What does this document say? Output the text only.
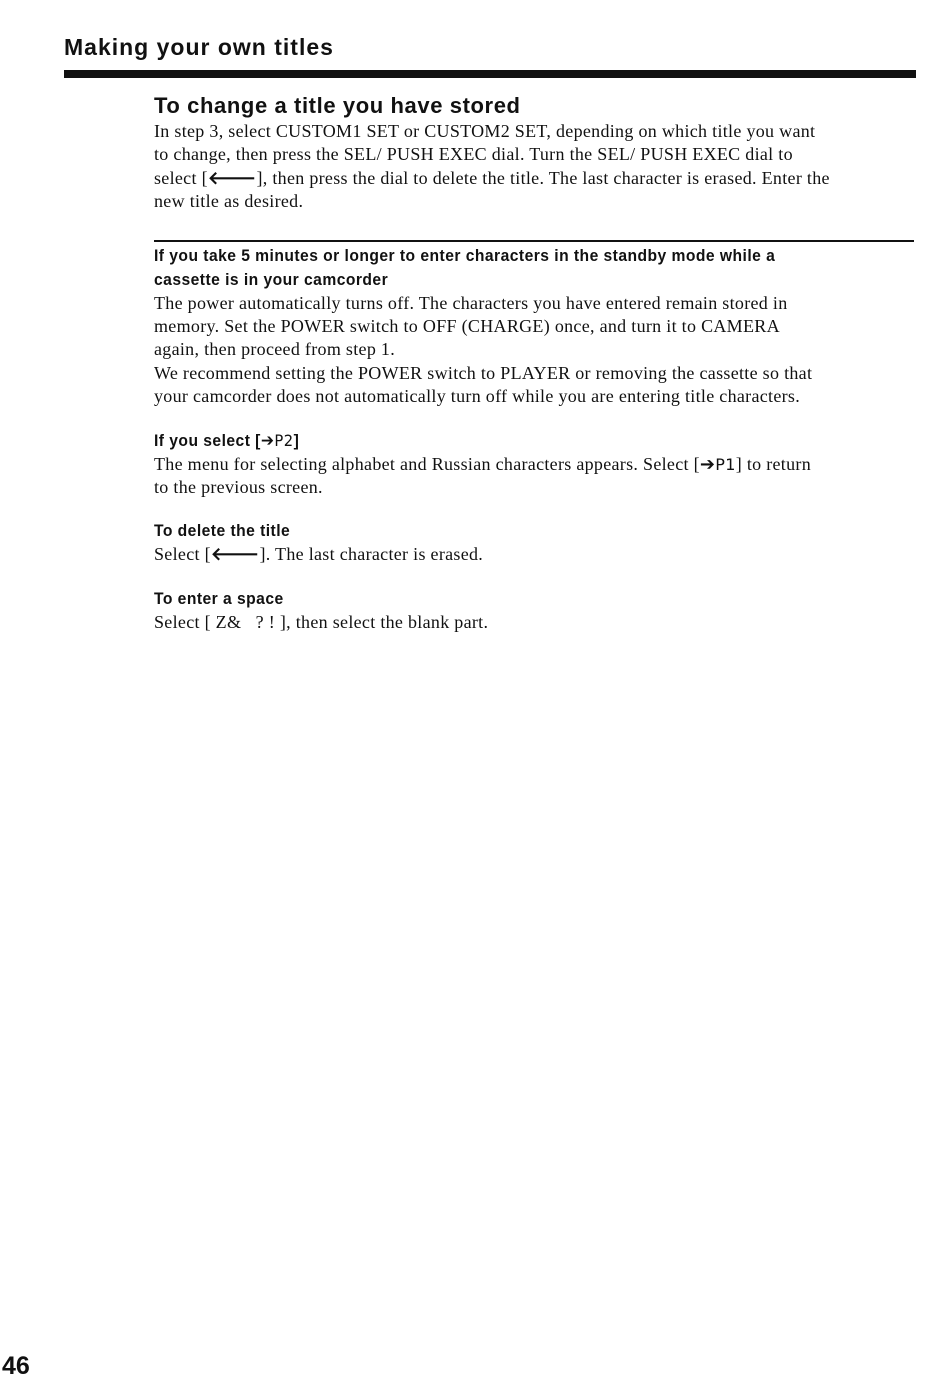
Making your own titles
To change a title you have stored
In step 3, select CUSTOM1 SET or CUSTOM2 SET, depending on which title you want
to change, then press the SEL/ PUSH EXEC dial. Turn the SEL/ PUSH EXEC dial to
select [🡐], then press the dial to delete the title. The last character is erased. Enter the
new title as desired.
If you take 5 minutes or longer to enter characters in the standby mode while a
cassette is in your camcorder
The power automatically turns off. The characters you have entered remain stored in
memory. Set the POWER switch to OFF (CHARGE) once, and turn it to CAMERA
again, then proceed from step 1.
We recommend setting the POWER switch to PLAYER or removing the cassette so that
your camcorder does not automatically turn off while you are entering title characters.
If you select [➔P2]
The menu for selecting alphabet and Russian characters appears. Select [➔P1] to return
to the previous screen.
To delete the title
Select [🡐]. The last character is erased.
To enter a space
Select [ Z&   ? ! ], then select the blank part.
46
